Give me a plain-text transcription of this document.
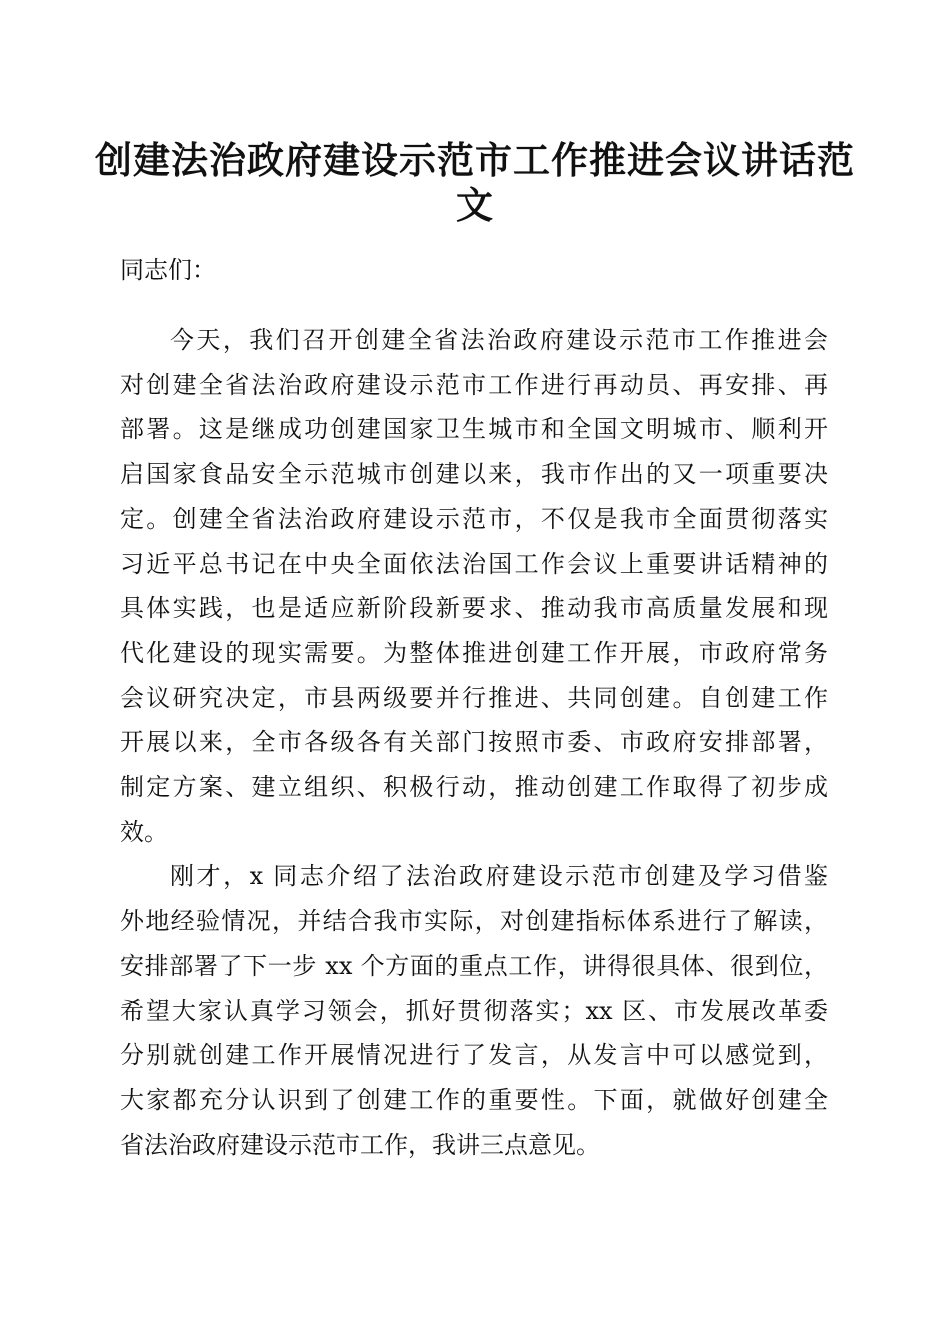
创建法治政府建设示范市工作推进会议讲话范
文
同志们：
今天，我们召开创建全省法治政府建设示范市工作推进会
对创建全省法治政府建设示范市工作进行再动员、再安排、再
部署。这是继成功创建国家卫生城市和全国文明城市、顺利开
启国家食品安全示范城市创建以来，我市作出的又一项重要决
定。创建全省法治政府建设示范市，不仅是我市全面贯彻落实
习近平总书记在中央全面依法治国工作会议上重要讲话精神的
具体实践，也是适应新阶段新要求、推动我市高质量发展和现
代化建设的现实需要。为整体推进创建工作开展，市政府常务
会议研究决定，市县两级要并行推进、共同创建。自创建工作
开展以来，全市各级各有关部门按照市委、市政府安排部署，
制定方案、建立组织、积极行动，推动创建工作取得了初步成
效。
刚才，x 同志介绍了法治政府建设示范市创建及学习借鉴
外地经验情况，并结合我市实际，对创建指标体系进行了解读，
安排部署了下一步 xx 个方面的重点工作，讲得很具体、很到位，
希望大家认真学习领会，抓好贯彻落实；xx 区、市发展改革委
分别就创建工作开展情况进行了发言，从发言中可以感觉到，
大家都充分认识到了创建工作的重要性。下面，就做好创建全
省法治政府建设示范市工作，我讲三点意见。
